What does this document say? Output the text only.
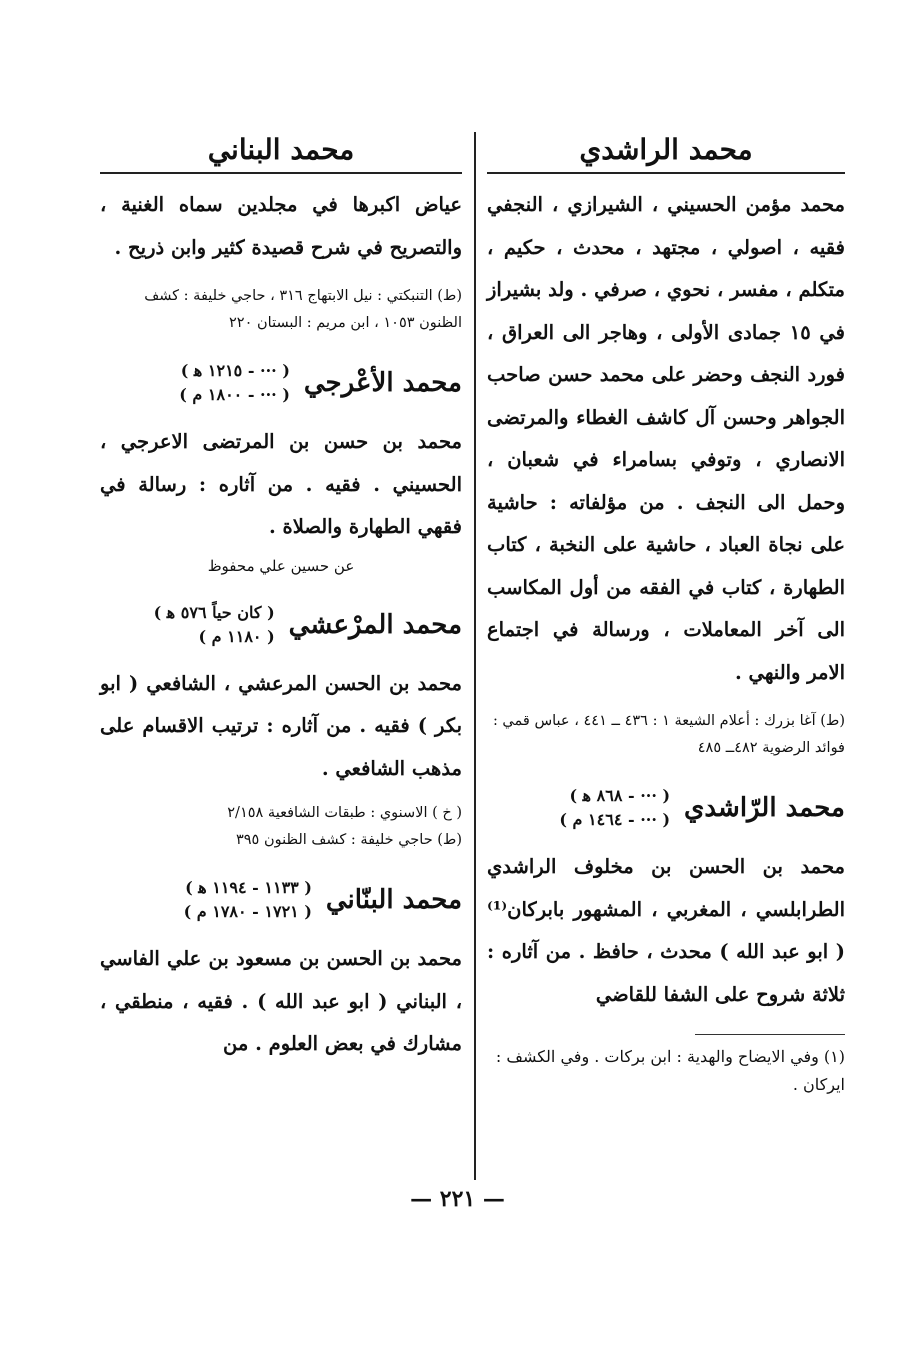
محمد الراشدي

محمد مؤمن الحسيني ، الشيرازي ، النجفي فقيه ، اصولي ، مجتهد ، محدث ، حكيم ، متكلم ، مفسر ، نحوي ، صرفي . ولد بشيراز في ١٥ جمادى الأولى ، وهاجر الى العراق ، فورد النجف وحضر على محمد حسن صاحب الجواهر وحسن آل كاشف الغطاء والمرتضى الانصاري ، وتوفي بسامراء في شعبان ، وحمل الى النجف . من مؤلفاته : حاشية على نجاة العباد ، حاشية على النخبة ، كتاب الطهارة ، كتاب في الفقه من أول المكاسب الى آخر المعاملات ، ورسالة في اجتماع الامر والنهي .

(ط) آغا بزرك : أعلام الشيعة ١ : ٤٣٦ ــ ٤٤١ ، عباس قمي : فوائد الرضوية ٤٨٢ــ ٤٨٥

محمد الرّاشدي
( ··· - ٨٦٨ ﻫ )
( ··· - ١٤٦٤ م )

محمد بن الحسن بن مخلوف الراشدي الطرابلسي ، المغربي ، المشهور بابركان⁽¹⁾ ( ابو عبد الله ) محدث ، حافظ . من آثاره : ثلاثة شروح على الشفا للقاضي

(١) وفي الايضاح والهدية : ابن بركات . وفي الكشف : ايركان .

محمد البناني

عياض اكبرها في مجلدين سماه الغنية ، والتصريح في شرح قصيدة كثير وابن ذريح .

(ط) التنبكتي : نيل الابتهاج ٣١٦ ، حاجي خليفة : كشف الظنون ١٠٥٣ ، ابن مريم : البستان ٢٢٠

محمد الأعْرجي
( ··· - ١٢١٥ ﻫ )
( ··· - ١٨٠٠ م )

محمد بن حسن بن المرتضى الاعرجي ، الحسيني . فقيه . من آثاره : رسالة في فقهي الطهارة والصلاة .

عن حسين علي محفوظ

محمد المرْعشي
( كان حياً ٥٧٦ ﻫ )
( ١١٨٠ م )

محمد بن الحسن المرعشي ، الشافعي ( ابو بكر ) فقيه . من آثاره : ترتيب الاقسام على مذهب الشافعي .

( خ ) الاسنوي : طبقات الشافعية ٢/١٥٨

(ط) حاجي خليفة : كشف الظنون ٣٩٥

محمد البنّاني
( ١١٣٣ - ١١٩٤ ﻫ )
( ١٧٢١ - ١٧٨٠ م )

محمد بن الحسن بن مسعود بن علي الفاسي ، البناني ( ابو عبد الله ) . فقيه ، منطقي ، مشارك في بعض العلوم . من

— ٢٢١ —
